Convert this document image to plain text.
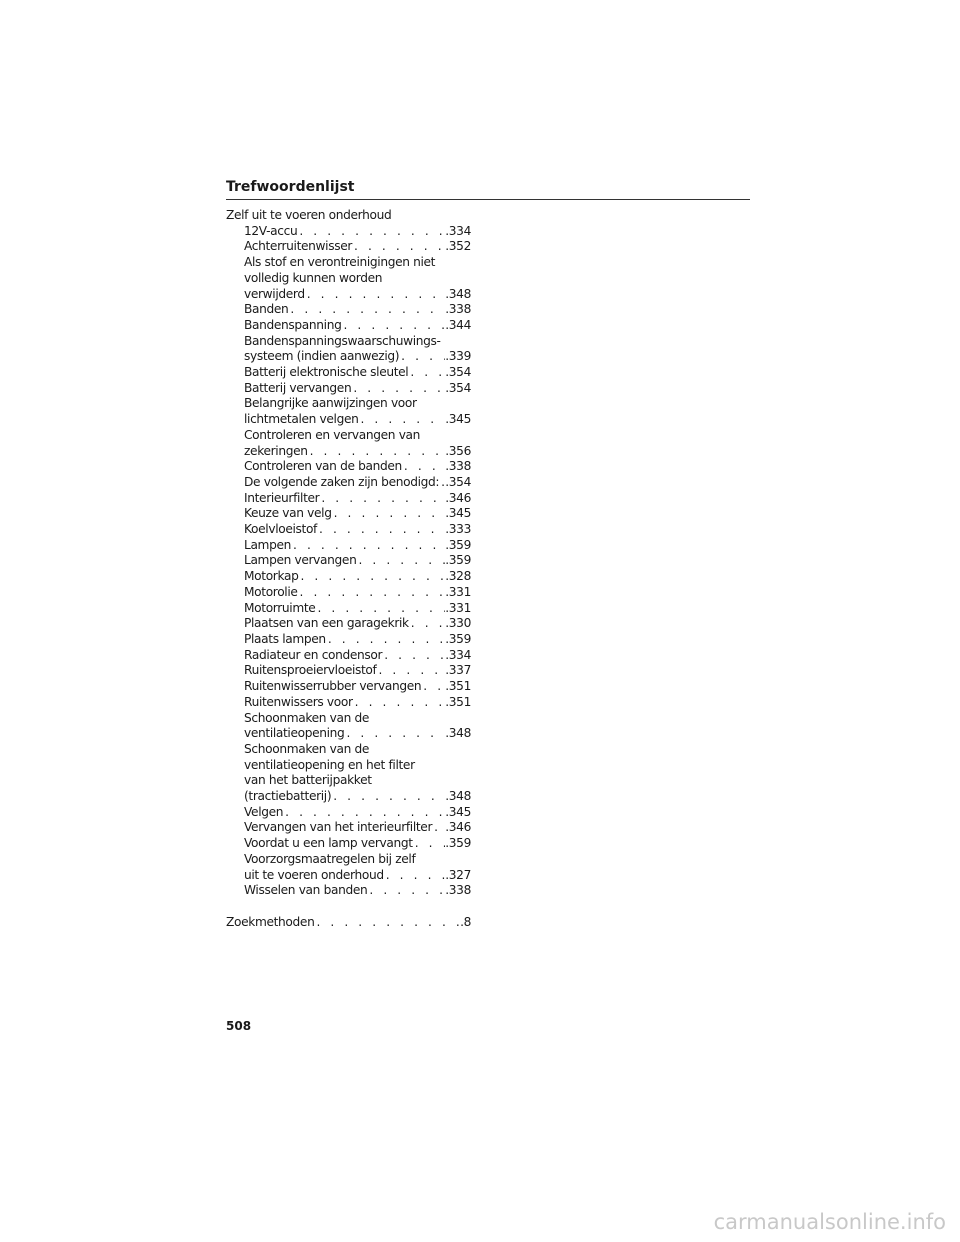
Trefwoordenlijst
Zelf uit te voeren onderhoud
12V-accu . . .	.334
Achterruitenwisser . . .	.352
Als stof en verontreinigingen niet
volledig kunnen worden
verwijderd . . .	.348
Banden . . .	.338
Bandenspanning . . .	.344
Bandenspanningswaarschuwings-
systeem (indien aanwezig) . . .	.339
Batterij elektronische sleutel . . .	.354
Batterij vervangen . . .	.354
Belangrijke aanwijzingen voor
lichtmetalen velgen . . .	.345
Controleren en vervangen van
zekeringen . . .	.356
Controleren van de banden . . .	.338
De volgende zaken zijn benodigd: . . . .354
Interieurfilter . . .	.346
Keuze van velg . . .	.345
Koelvloeistof . . .	.333
Lampen . . .	.359
Lampen vervangen . . .	.359
Motorkap . . .	.328
Motorolie . . .	.331
Motorruimte . . .	.331
Plaatsen van een garagekrik . . .	.330
Plaats lampen . . .	.359
Radiateur en condensor . . .	.334
Ruitensproeiervloeistof . . .	.337
Ruitenwisserrubber vervangen . . . .351
Ruitenwissers voor . . .	.351
Schoonmaken van de
ventilatieopening . . .	.348
Schoonmaken van de
ventilatieopening en het filter
van het batterijpakket
(tractiebatterij) . . .	.348
Velgen . . .	.345
Vervangen van het interieurfilter . . . .346
Voordat u een lamp vervangt . . .	.359
Voorzorgsmaatregelen bij zelf
uit te voeren onderhoud . . .	.327
Wisselen van banden . . .	.338
Zoekmethoden . . .	.8
508
carmanualsonline.info
